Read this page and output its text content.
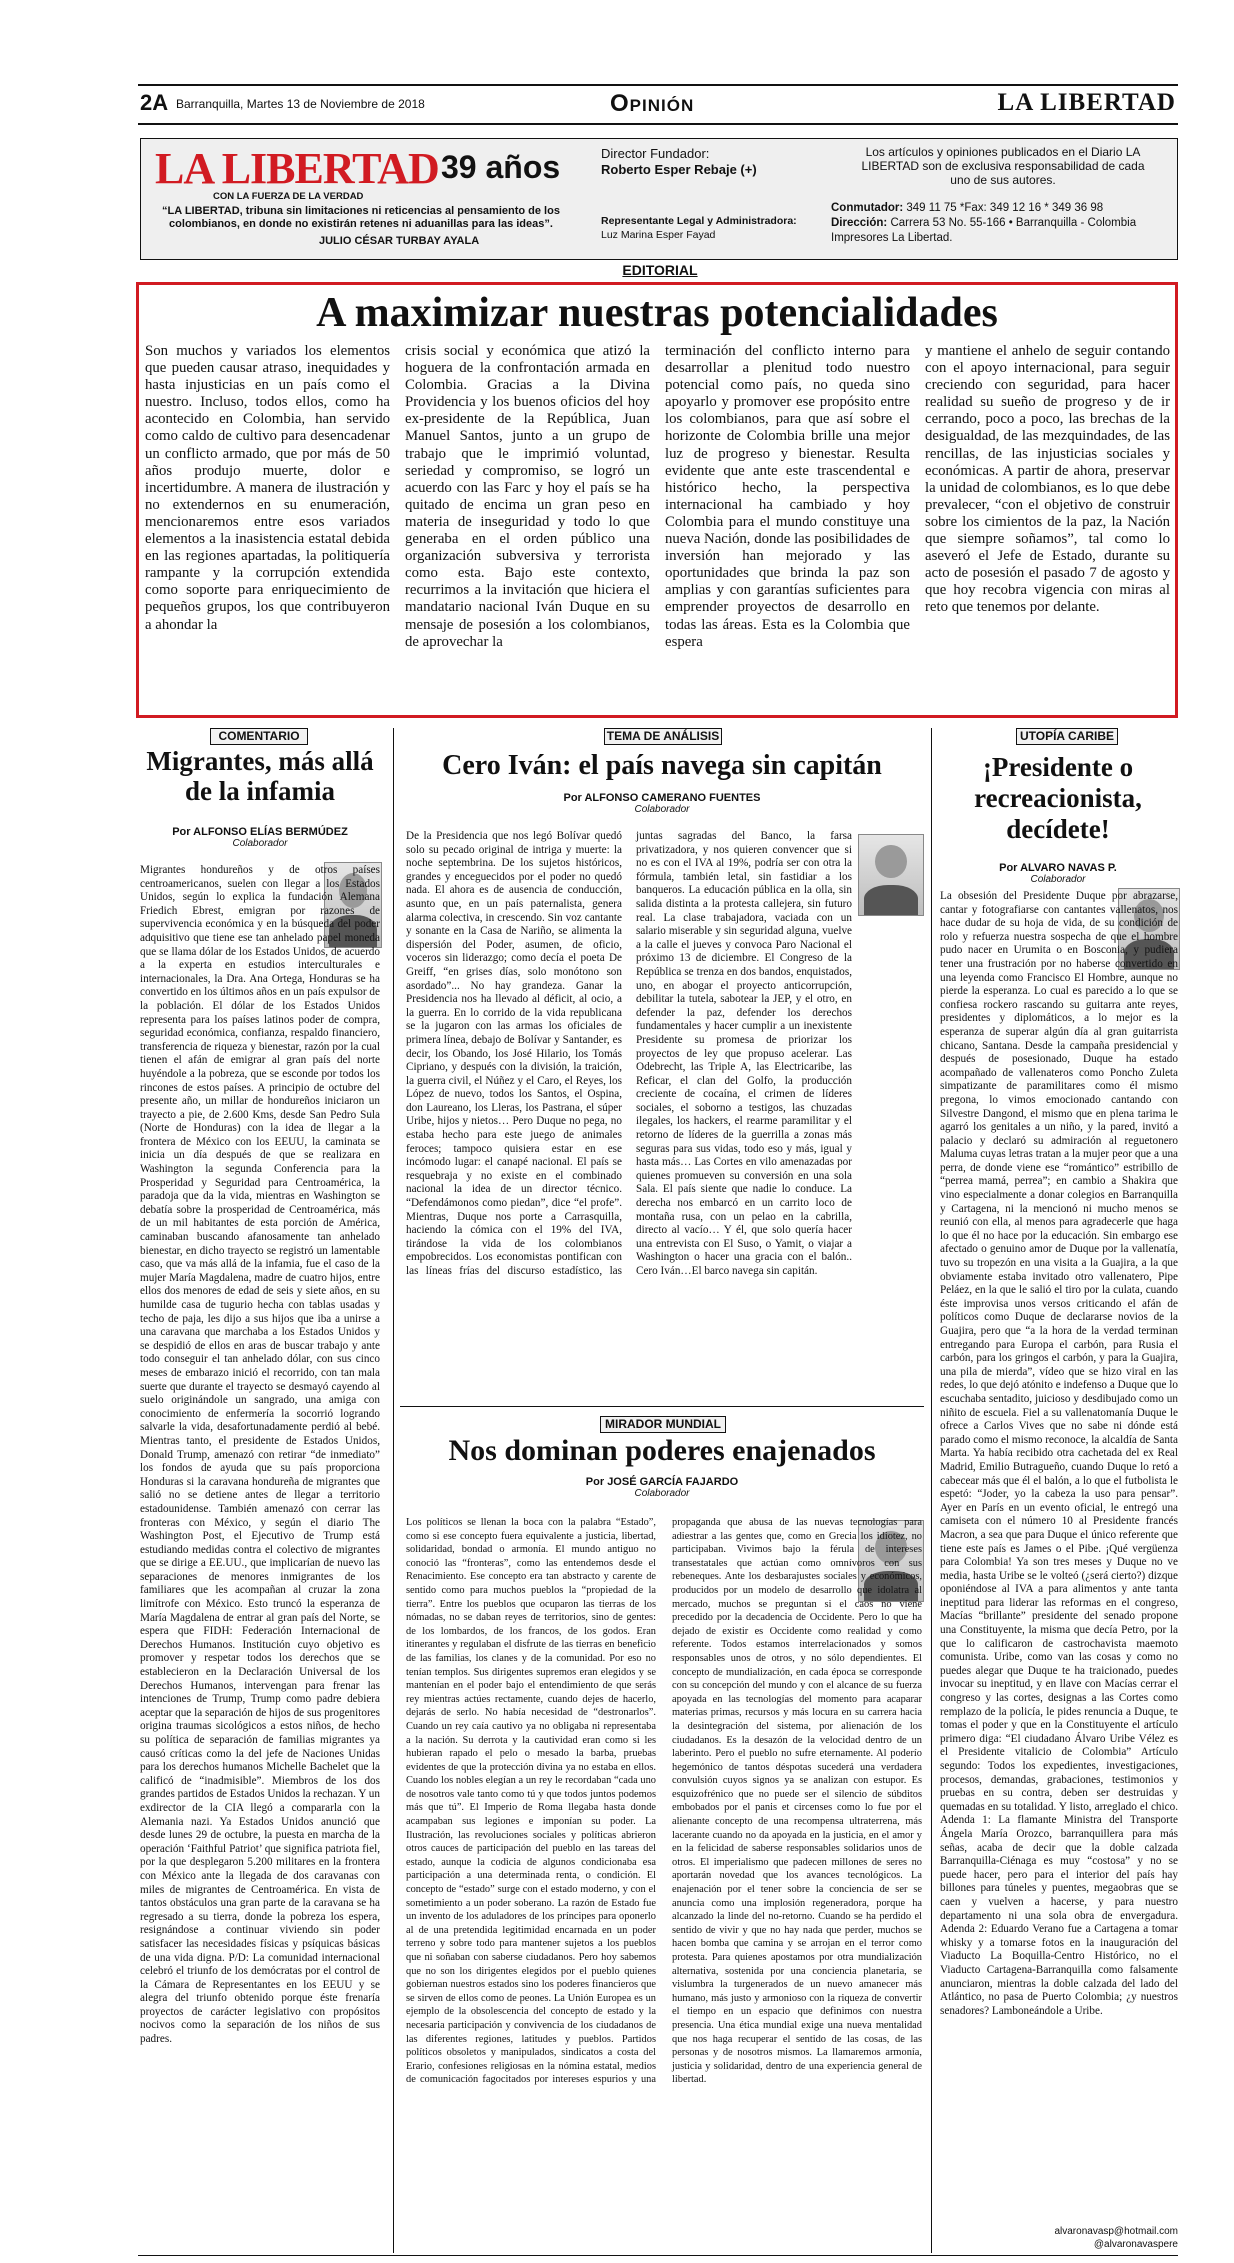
2A Barranquilla, Martes 13 de Noviembre de 2018	Opinión	LA LIBERTAD
LA LIBERTAD 39 años
CON LA FUERZA DE LA VERDAD
“LA LIBERTAD, tribuna sin limitaciones ni reticencias al pensamiento de los colombianos, en donde no existirán retenes ni aduanillas para las ideas”.
JULIO CÉSAR TURBAY AYALA
Director Fundador:
Roberto Esper Rebaje (+)
Representante Legal y Administradora:
Luz Marina Esper Fayad
Los artículos y opiniones publicados en el Diario LA LIBERTAD son de exclusiva responsabilidad de cada uno de sus autores.
Conmutador: 349 11 75 *Fax: 349 12 16 * 349 36 98
Dirección: Carrera 53 No. 55-166 • Barranquilla - Colombia
Impresores La Libertad.
EDITORIAL
A maximizar nuestras potencialidades
Son muchos y variados los elementos que pueden causar atraso, inequidades y hasta injusticias en un país como el nuestro. Incluso, todos ellos, como ha acontecido en Colombia, han servido como caldo de cultivo para desencadenar un conflicto armado, que por más de 50 años produjo muerte, dolor e incertidumbre. A manera de ilustración y no extendernos en su enumeración, mencionaremos entre esos variados elementos a la inasistencia estatal debida en las regiones apartadas, la politiquería rampante y la corrupción extendida como soporte para enriquecimiento de pequeños grupos, los que contribuyeron a ahondar la
crisis social y económica que atizó la hoguera de la confrontación armada en Colombia. Gracias a la Divina Providencia y los buenos oficios del hoy ex-presidente de la República, Juan Manuel Santos, junto a un grupo de trabajo que le imprimió voluntad, seriedad y compromiso, se logró un acuerdo con las Farc y hoy el país se ha quitado de encima un gran peso en materia de inseguridad y todo lo que generaba en el orden público una organización subversiva y terrorista como esta. Bajo este contexto, recurrimos a la invitación que hiciera el mandatario nacional Iván Duque en su mensaje de posesión a los colombianos, de aprovechar la
terminación del conflicto interno para desarrollar a plenitud todo nuestro potencial como país, no queda sino apoyarlo y promover ese propósito entre los colombianos, para que así sobre el horizonte de Colombia brille una mejor luz de progreso y bienestar. Resulta evidente que ante este trascendental e histórico hecho, la perspectiva internacional ha cambiado y hoy Colombia para el mundo constituye una nueva Nación, donde las posibilidades de inversión han mejorado y las oportunidades que brinda la paz son amplias y con garantías suficientes para emprender proyectos de desarrollo en todas las áreas. Esta es la Colombia que espera
y mantiene el anhelo de seguir contando con el apoyo internacional, para seguir creciendo con seguridad, para hacer realidad su sueño de progreso y de ir cerrando, poco a poco, las brechas de la desigualdad, de las mezquindades, de las rencillas, de las injusticias sociales y económicas. A partir de ahora, preservar la unidad de colombianos, es lo que debe prevalecer, “con el objetivo de construir sobre los cimientos de la paz, la Nación que siempre soñamos”, tal como lo aseveró el Jefe de Estado, durante su acto de posesión el pasado 7 de agosto y que hoy recobra vigencia con miras al reto que tenemos por delante.
COMENTARIO
Migrantes, más allá de la infamia
Por ALFONSO ELÍAS BERMÚDEZ
Colaborador
Migrantes hondureños y de otros países centroamericanos, suelen con llegar a los Estados Unidos, según lo explica la fundación Alemana Friedich Ebrest, emigran por razones de supervivencia económica y en la búsqueda del poder adquisitivo que tiene ese tan anhelado papel moneda que se llama dólar de los Estados Unidos, de acuerdo a la experta en estudios interculturales e internacionales, la Dra. Ana Ortega, Honduras se ha convertido en los últimos años en un país expulsor de la población. El dólar de los Estados Unidos representa para los países latinos poder de compra, seguridad económica, confianza, respaldo financiero, transferencia de riqueza y bienestar, razón por la cual tienen el afán de emigrar al gran país del norte huyéndole a la pobreza, que se esconde por todos los rincones de estos países. A principio de octubre del presente año, un millar de hondureños iniciaron un trayecto a pie, de 2.600 Kms, desde San Pedro Sula (Norte de Honduras) con la idea de llegar a la frontera de México con los EEUU, la caminata se inicia un día después de que se realizara en Washington la segunda Conferencia para la Prosperidad y Seguridad para Centroamérica, la paradoja que da la vida, mientras en Washington se debatía sobre la prosperidad de Centroamérica, más de un mil habitantes de esta porción de América, caminaban buscando afanosamente tan anhelado bienestar, en dicho trayecto se registró un lamentable caso, que va más allá de la infamia, fue el caso de la mujer María Magdalena, madre de cuatro hijos, entre ellos dos menores de edad de seis y siete años, en su humilde casa de tugurio hecha con tablas usadas y techo de paja, les dijo a sus hijos que iba a unirse a una caravana que marchaba a los Estados Unidos y se despidió de ellos en aras de buscar trabajo y ante todo conseguir el tan anhelado dólar, con sus cinco meses de embarazo inició el recorrido, con tan mala suerte que durante el trayecto se desmayó cayendo al suelo originándole un sangrado, una amiga con conocimiento de enfermería la socorrió logrando salvarle la vida, desafortunadamente perdió al bebé. Mientras tanto, el presidente de Estados Unidos, Donald Trump, amenazó con retirar “de inmediato” los fondos de ayuda que su país proporciona Honduras si la caravana hondureña de migrantes que salió no se detiene antes de llegar a territorio estadounidense. También amenazó con cerrar las fronteras con México, y según el diario The Washington Post, el Ejecutivo de Trump está estudiando medidas contra el colectivo de migrantes que se dirige a EE.UU., que implicarían de nuevo las separaciones de menores inmigrantes de los familiares que les acompañan al cruzar la zona limítrofe con México. Esto truncó la esperanza de María Magdalena de entrar al gran país del Norte, se espera que FIDH: Federación Internacional de Derechos Humanos. Institución cuyo objetivo es promover y respetar todos los derechos que se establecieron en la Declaración Universal de los Derechos Humanos, intervengan para frenar las intenciones de Trump, Trump como padre debiera aceptar que la separación de hijos de sus progenitores origina traumas sicológicos a estos niños, de hecho su política de separación de familias migrantes ya causó críticas como la del jefe de Naciones Unidas para los derechos humanos Michelle Bachelet que la calificó de “inadmisible”. Miembros de los dos grandes partidos de Estados Unidos la rechazan. Y un exdirector de la CIA llegó a compararla con la Alemania nazi. Ya Estados Unidos anunció que desde lunes 29 de octubre, la puesta en marcha de la operación ‘Faithful Patriot’ que significa patriota fiel, por la que desplegaron 5.200 militares en la frontera con México ante la llegada de dos caravanas con miles de migrantes de Centroamérica. En vista de tantos obstáculos una gran parte de la caravana se ha regresado a su tierra, donde la pobreza los espera, resignándose a continuar viviendo sin poder satisfacer las necesidades físicas y psíquicas básicas de una vida digna. P/D: La comunidad internacional celebró el triunfo de los demócratas por el control de la Cámara de Representantes en los EEUU y se alegra del triunfo obtenido porque éste frenaría proyectos de carácter legislativo con propósitos nocivos como la separación de los niños de sus padres.
TEMA DE ANÁLISIS
Cero Iván: el país navega sin capitán
Por ALFONSO CAMERANO FUENTES
Colaborador
De la Presidencia que nos legó Bolívar quedó solo su pecado original de intriga y muerte: la noche septembrina. De los sujetos históricos, grandes y enceguecidos por el poder no quedó nada. El ahora es de ausencia de conducción, asunto que, en un país paternalista, genera alarma colectiva, in crescendo. Sin voz cantante y sonante en la Casa de Nariño, se alimenta la dispersión del Poder, asumen, de oficio, voceros sin liderazgo; como decía el poeta De Greiff, “en grises días, solo monótono son asordado”... No hay grandeza. Ganar la Presidencia nos ha llevado al déficit, al ocio, a la guerra. En lo corrido de la vida republicana se la jugaron con las armas los oficiales de primera línea, debajo de Bolívar y Santander, es decir, los Obando, los José Hilario, los Tomás Cipriano, y después con la división, la traición, la guerra civil, el Núñez y el Caro, el Reyes, los López de nuevo, todos los Santos, el Ospina, don Laureano, los Lleras, los Pastrana, el súper Uribe, hijos y nietos… Pero Duque no pega, no estaba hecho para este juego de animales feroces; tampoco quisiera estar en ese incómodo lugar: el canapé nacional. El país se resquebraja y no existe en el combinado nacional la idea de un director técnico. “Defendámonos como piedan”, dice “el profe”. Mientras, Duque nos porte a Carrasquilla, haciendo la cómica con el 19% del IVA, tirándose la vida de los colombianos empobrecidos. Los economistas pontifican con las líneas frías del discurso estadístico, las juntas sagradas del Banco, la farsa privatizadora, y nos quieren convencer que si no es con el IVA al 19%, podría ser con otra la fórmula, también letal, sin fastidiar a los banqueros. La educación pública en la olla, sin salida distinta a la protesta callejera, sin futuro real. La clase trabajadora, vaciada con un salario miserable y sin seguridad alguna, vuelve a la calle el jueves y convoca Paro Nacional el próximo 13 de diciembre. El Congreso de la República se trenza en dos bandos, enquistados, uno, en abogar el proyecto anticorrupción, debilitar la tutela, sabotear la JEP, y el otro, en defender la paz, defender los derechos fundamentales y hacer cumplir a un inexistente Presidente su promesa de priorizar los proyectos de ley que propuso acelerar. Las Odebrecht, las Triple A, las Electricaribe, las Reficar, el clan del Golfo, la producción creciente de cocaína, el crimen de líderes sociales, el soborno a testigos, las chuzadas ilegales, los hackers, el rearme paramilitar y el retorno de líderes de la guerrilla a zonas más seguras para sus vidas, todo eso y más, igual y hasta más… Las Cortes en vilo amenazadas por quienes promueven su conversión en una sola Sala. El país siente que nadie lo conduce. La derecha nos embarcó en un carrito loco de montaña rusa, con un pelao en la cabrilla, directo al vacío… Y él, que solo quería hacer una entrevista con El Suso, o Yamit, o viajar a Washington o hacer una gracia con el balón.. Cero Iván…El barco navega sin capitán.
MIRADOR MUNDIAL
Nos dominan poderes enajenados
Por JOSÉ GARCÍA FAJARDO
Colaborador
Los políticos se llenan la boca con la palabra “Estado”, como si ese concepto fuera equivalente a justicia, libertad, solidaridad, bondad o armonía. El mundo antiguo no conoció las “fronteras”, como las entendemos desde el Renacimiento. Ese concepto era tan abstracto y carente de sentido como para muchos pueblos la “propiedad de la tierra”. Entre los pueblos que ocuparon las tierras de los nómadas, no se daban reyes de territorios, sino de gentes: de los lombardos, de los francos, de los godos. Eran itinerantes y regulaban el disfrute de las tierras en beneficio de las familias, los clanes y de la comunidad. Por eso no tenían templos. Sus dirigentes supremos eran elegidos y se mantenían en el poder bajo el entendimiento de que serás rey mientras actúes rectamente, cuando dejes de hacerlo, dejarás de serlo. No había necesidad de “destronarlos”. Cuando un rey caía cautivo ya no obligaba ni representaba a la nación. Su derrota y la cautividad eran como si les hubieran rapado el pelo o mesado la barba, pruebas evidentes de que la protección divina ya no estaba en ellos. Cuando los nobles elegían a un rey le recordaban “cada uno de nosotros vale tanto como tú y que todos juntos podemos más que tú”. El Imperio de Roma llegaba hasta donde acampaban sus legiones e imponían su poder. La Ilustración, las revoluciones sociales y políticas abrieron otros cauces de participación del pueblo en las tareas del estado, aunque la codicia de algunos condicionaba esa participación a una determinada renta, o condición. El concepto de “estado” surge con el estado moderno, y con el sometimiento a un poder soberano. La razón de Estado fue un invento de los aduladores de los príncipes para oponerlo al de una pretendida legitimidad encarnada en un poder terreno y sobre todo para mantener sujetos a los pueblos que ni soñaban con saberse ciudadanos. Pero hoy sabemos que no son los dirigentes elegidos por el pueblo quienes gobiernan nuestros estados sino los poderes financieros que se sirven de ellos como de peones. La Unión Europea es un ejemplo de la obsolescencia del concepto de estado y la necesaria participación y convivencia de los ciudadanos de las diferentes regiones, latitudes y pueblos. Partidos políticos obsoletos y manipulados, sindicatos a costa del Erario, confesiones religiosas en la nómina estatal, medios de comunicación fagocitados por intereses espurios y una propaganda que abusa de las nuevas tecnologías para adiestrar a las gentes que, como en Grecia los idiotez, no participaban. Vivimos bajo la férula de intereses transestatales que actúan como omnívoros con sus rebeneques. Ante los desbarajustes sociales y económicos, producidos por un modelo de desarrollo que idolatra al mercado, muchos se preguntan si el caos no viene precedido por la decadencia de Occidente. Pero lo que ha dejado de existir es Occidente como realidad y como referente. Todos estamos interrelacionados y somos responsables unos de otros, y no sólo dependientes. El concepto de mundialización, en cada época se corresponde con su concepción del mundo y con el alcance de su fuerza apoyada en las tecnologías del momento para acaparar materias primas, recursos y más locura en su carrera hacia la desintegración del sistema, por alienación de los ciudadanos. Es la desazón de la velocidad dentro de un laberinto. Pero el pueblo no sufre eternamente. Al poderío hegemónico de tantos déspotas sucederá una verdadera convulsión cuyos signos ya se analizan con estupor. Es esquizofrénico que no puede ser el silencio de súbditos embobados por el panis et circenses como lo fue por el alienante concepto de una recompensa ultraterrena, más lacerante cuando no da apoyada en la justicia, en el amor y en la felicidad de saberse responsables solidarios unos de otros. El imperialismo que padecen millones de seres no aportarán novedad que los avances tecnológicos. La enajenación por el tener sobre la conciencia de ser se anuncia como una implosión regeneradora, porque ha alcanzado la linde del no-retorno. Cuando se ha perdido el sentido de vivir y que no hay nada que perder, muchos se hacen bomba que camina y se arrojan en el terror como protesta. Para quienes apostamos por otra mundialización alternativa, sostenida por una conciencia planetaria, se vislumbra la turgenerados de un nuevo amanecer más humano, más justo y armonioso con la riqueza de convertir el tiempo en un espacio que definimos con nuestra presencia. Una ética mundial exige una nueva mentalidad que nos haga recuperar el sentido de las cosas, de las personas y de nosotros mismos. La llamaremos armonía, justicia y solidaridad, dentro de una experiencia general de libertad.
UTOPÍA CARIBE
¡Presidente o recreacionista, decídete!
Por ALVARO NAVAS P.
Colaborador
La obsesión del Presidente Duque por abrazarse, cantar y fotografiarse con cantantes vallenatos, nos hace dudar de su hoja de vida, de su condición de rolo y refuerza nuestra sospecha de que el hombre pudo nacer en Urumita o en Bosconia, y pudiera tener una frustración por no haberse convertido en una leyenda como Francisco El Hombre, aunque no pierde la esperanza. Lo cual es parecido a lo que se confiesa rockero rascando su guitarra ante reyes, presidentes y diplomáticos, a lo mejor es la esperanza de superar algún día al gran guitarrista chicano, Santana. Desde la campaña presidencial y después de posesionado, Duque ha estado acompañado de vallenateros como Poncho Zuleta simpatizante de paramilitares como él mismo pregona, lo vimos emocionado cantando con Silvestre Dangond, el mismo que en plena tarima le agarró los genitales a un niño, y la pared, invitó a palacio y declaró su admiración al reguetonero Maluma cuyas letras tratan a la mujer peor que a una perra, de donde viene ese “romántico” estribillo de “perrea mamá, perrea”; en cambio a Shakira que vino especialmente a donar colegios en Barranquilla y Cartagena, ni la mencionó ni mucho menos se reunió con ella, al menos para agradecerle que haga lo que él no hace por la educación. Sin embargo ese afectado o genuino amor de Duque por la vallenatía, tuvo su tropezón en una visita a la Guajira, a la que obviamente estaba invitado otro vallenatero, Pipe Peláez, en la que le salió el tiro por la culata, cuando éste improvisa unos versos criticando el afán de políticos como Duque de declararse novios de la Guajira, pero que “a la hora de la verdad terminan entregando para Europa el carbón, para Rusia el carbón, para los gringos el carbón, y para la Guajira, una pila de mierda”, vídeo que se hizo viral en las redes, lo que dejó atónito e indefenso a Duque que lo escuchaba sentadito, juicioso y desdibujado como un niñito de escuela. Fiel a su vallenatomanía Duque le ofrece a Carlos Vives que no sabe ni dónde está parado como el mismo reconoce, la alcaldía de Santa Marta. Ya había recibido otra cachetada del ex Real Madrid, Emilio Butragueño, cuando Duque lo retó a cabecear más que él el balón, a lo que el futbolista le espetó: “Joder, yo la cabeza la uso para pensar”. Ayer en París en un evento oficial, le entregó una camiseta con el número 10 al Presidente francés Macron, a sea que para Duque el único referente que tiene este país es James o el Pibe. ¡Qué vergüenza para Colombia! Ya son tres meses y Duque no ve media, hasta Uribe se le volteó (¿será cierto?) dizque oponiéndose al IVA a para alimentos y ante tanta ineptitud para liderar las reformas en el congreso, Macías “brillante” presidente del senado propone una Constituyente, la misma que decía Petro, por la que lo calificaron de castrochavista maemoto comunista. Uribe, como van las cosas y como no puedes alegar que Duque te ha traicionado, puedes invocar su ineptitud, y en llave con Macías cerrar el congreso y las cortes, designas a las Cortes como remplazo de la policía, le pides renuncia a Duque, te tomas el poder y que en la Constituyente el artículo primero diga: “El ciudadano Álvaro Uribe Vélez es el Presidente vitalicio de Colombia” Artículo segundo: Todos los expedientes, investigaciones, procesos, demandas, grabaciones, testimonios y pruebas en su contra, deben ser destruidas y quemadas en su totalidad. Y listo, arreglado el chico. Adenda 1: La flamante Ministra del Transporte Ángela María Orozco, barranquillera para más señas, acaba de decir que la doble calzada Barranquilla-Ciénaga es muy “costosa” y no se puede hacer, pero para el interior del país hay billones para túneles y puentes, megaobras que se caen y vuelven a hacerse, y para nuestro departamento ni una sola obra de envergadura. Adenda 2: Eduardo Verano fue a Cartagena a tomar whisky y a tomarse fotos en la inauguración del Viaducto La Boquilla-Centro Histórico, no el Viaducto Cartagena-Barranquilla como falsamente anunciaron, mientras la doble calzada del lado del Atlántico, no pasa de Puerto Colombia; ¿y nuestros senadores? Lamboneándole a Uribe.
alvaronavasp@hotmail.com
@alvaronavaspere
